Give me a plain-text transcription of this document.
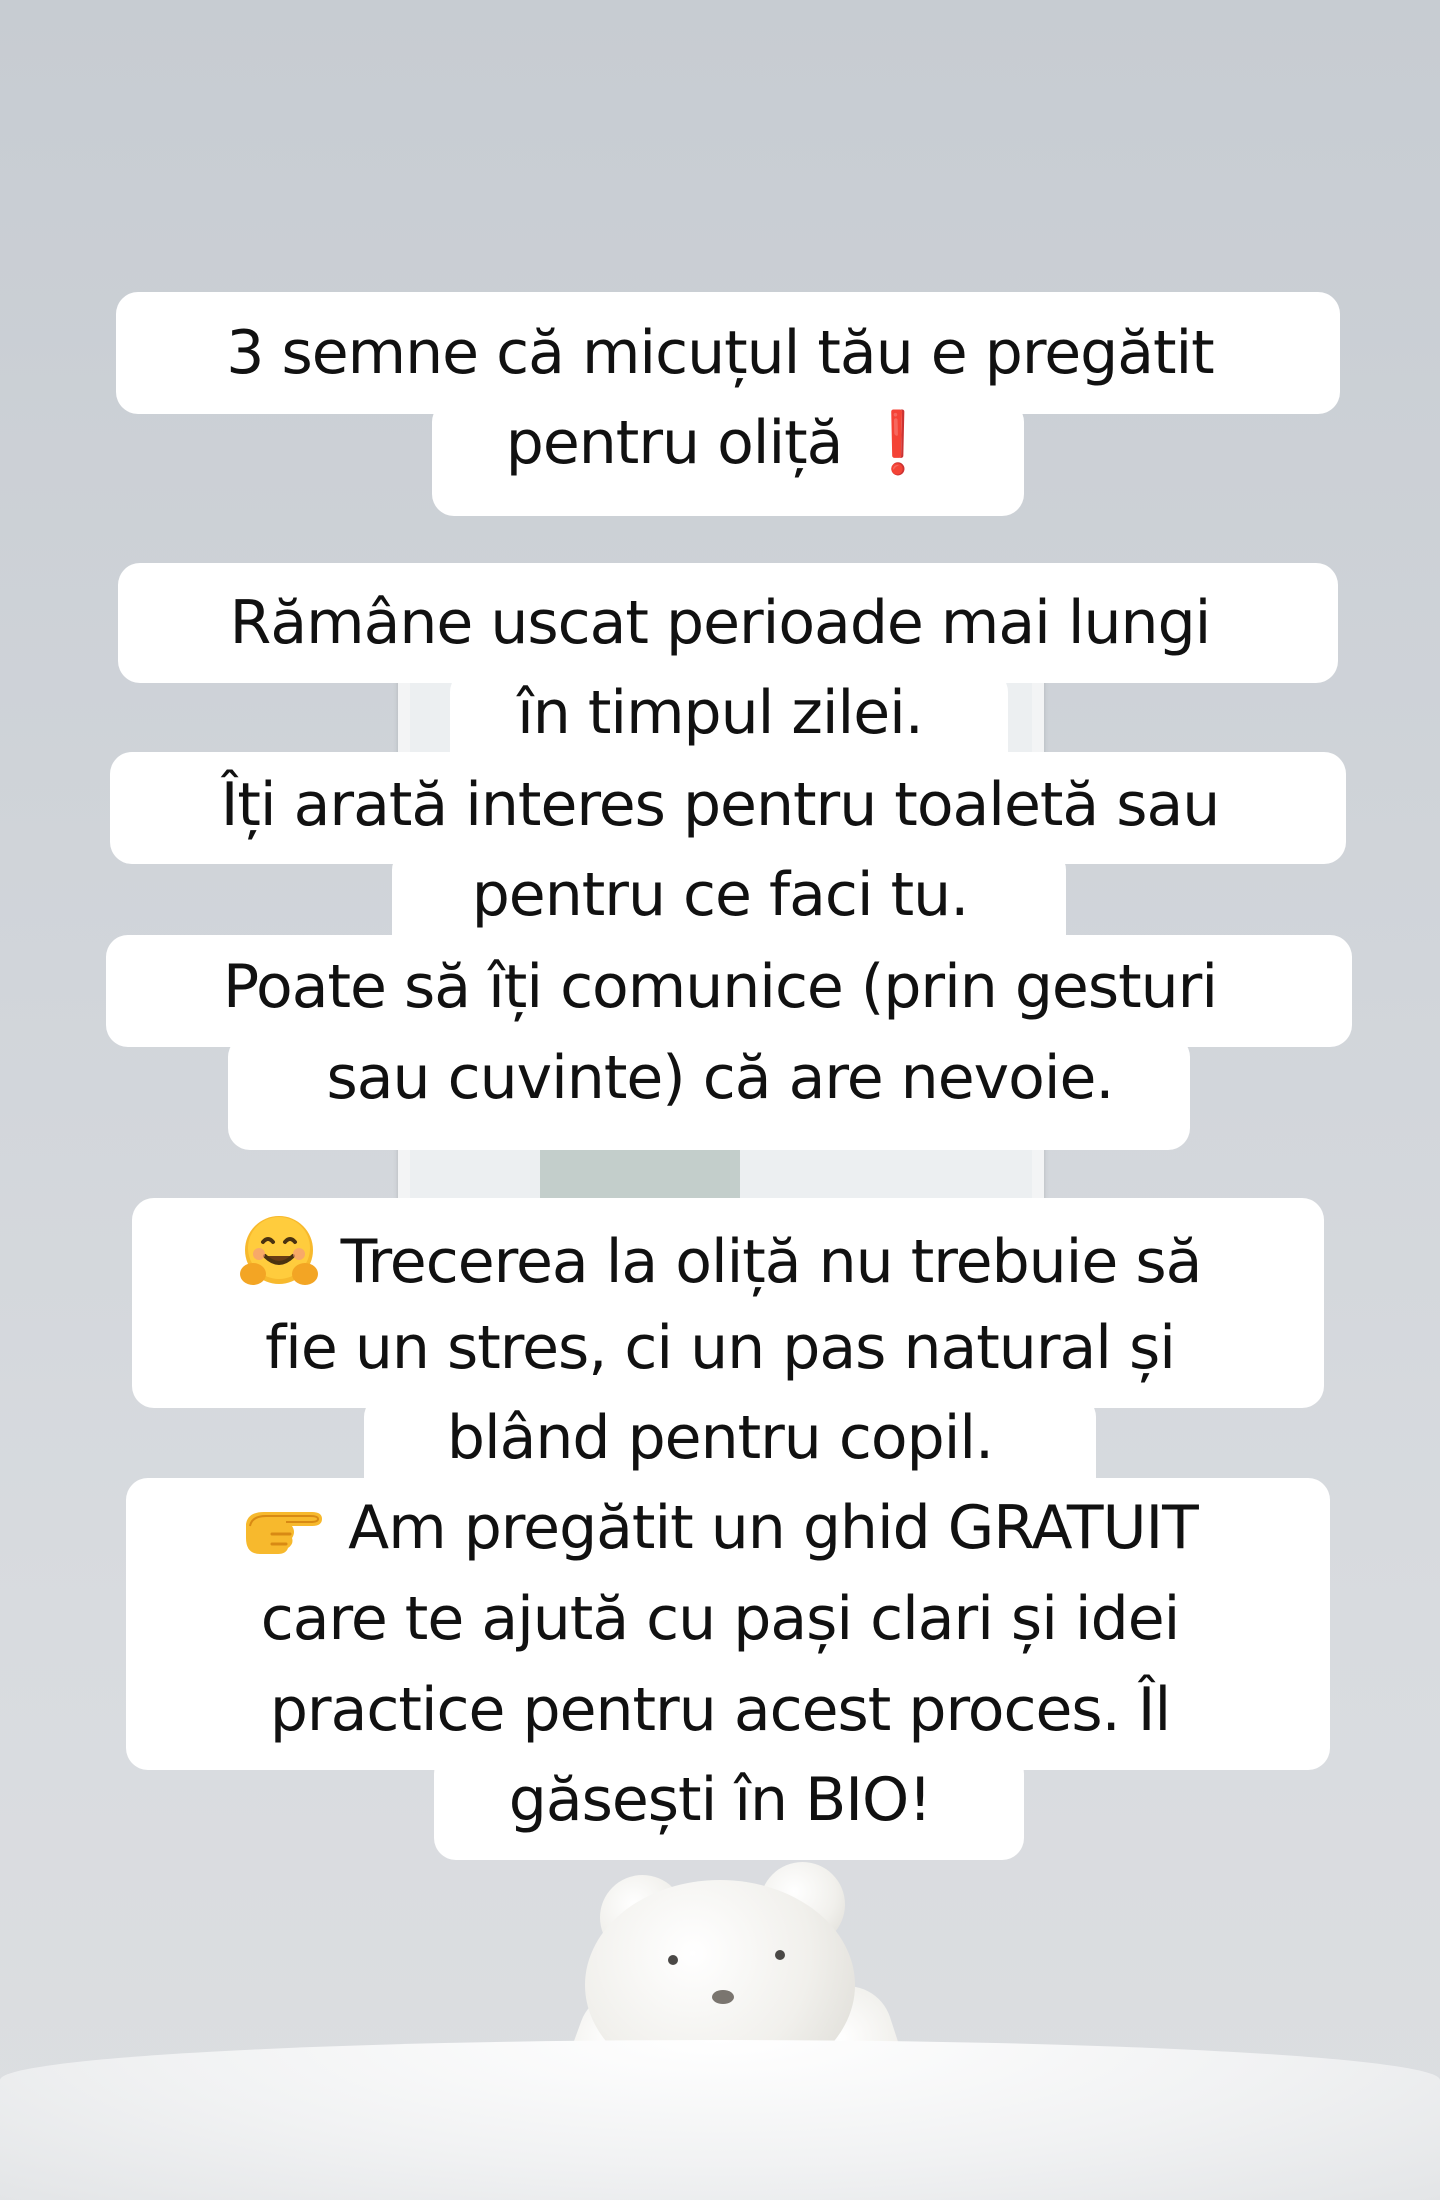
3 semne că micuțul tău e pregătit
pentru oliță ❗
Rămâne uscat perioade mai lungi
în timpul zilei.
Îți arată interes pentru toaletă sau
pentru ce faci tu.
Poate să îți comunice (prin gesturi
sau cuvinte) că are nevoie.
Trecerea la oliță nu trebuie să
fie un stres, ci un pas natural și
blând pentru copil.
Am pregătit un ghid GRATUIT
care te ajută cu pași clari și idei
practice pentru acest proces. Îl
găsești în BIO!
